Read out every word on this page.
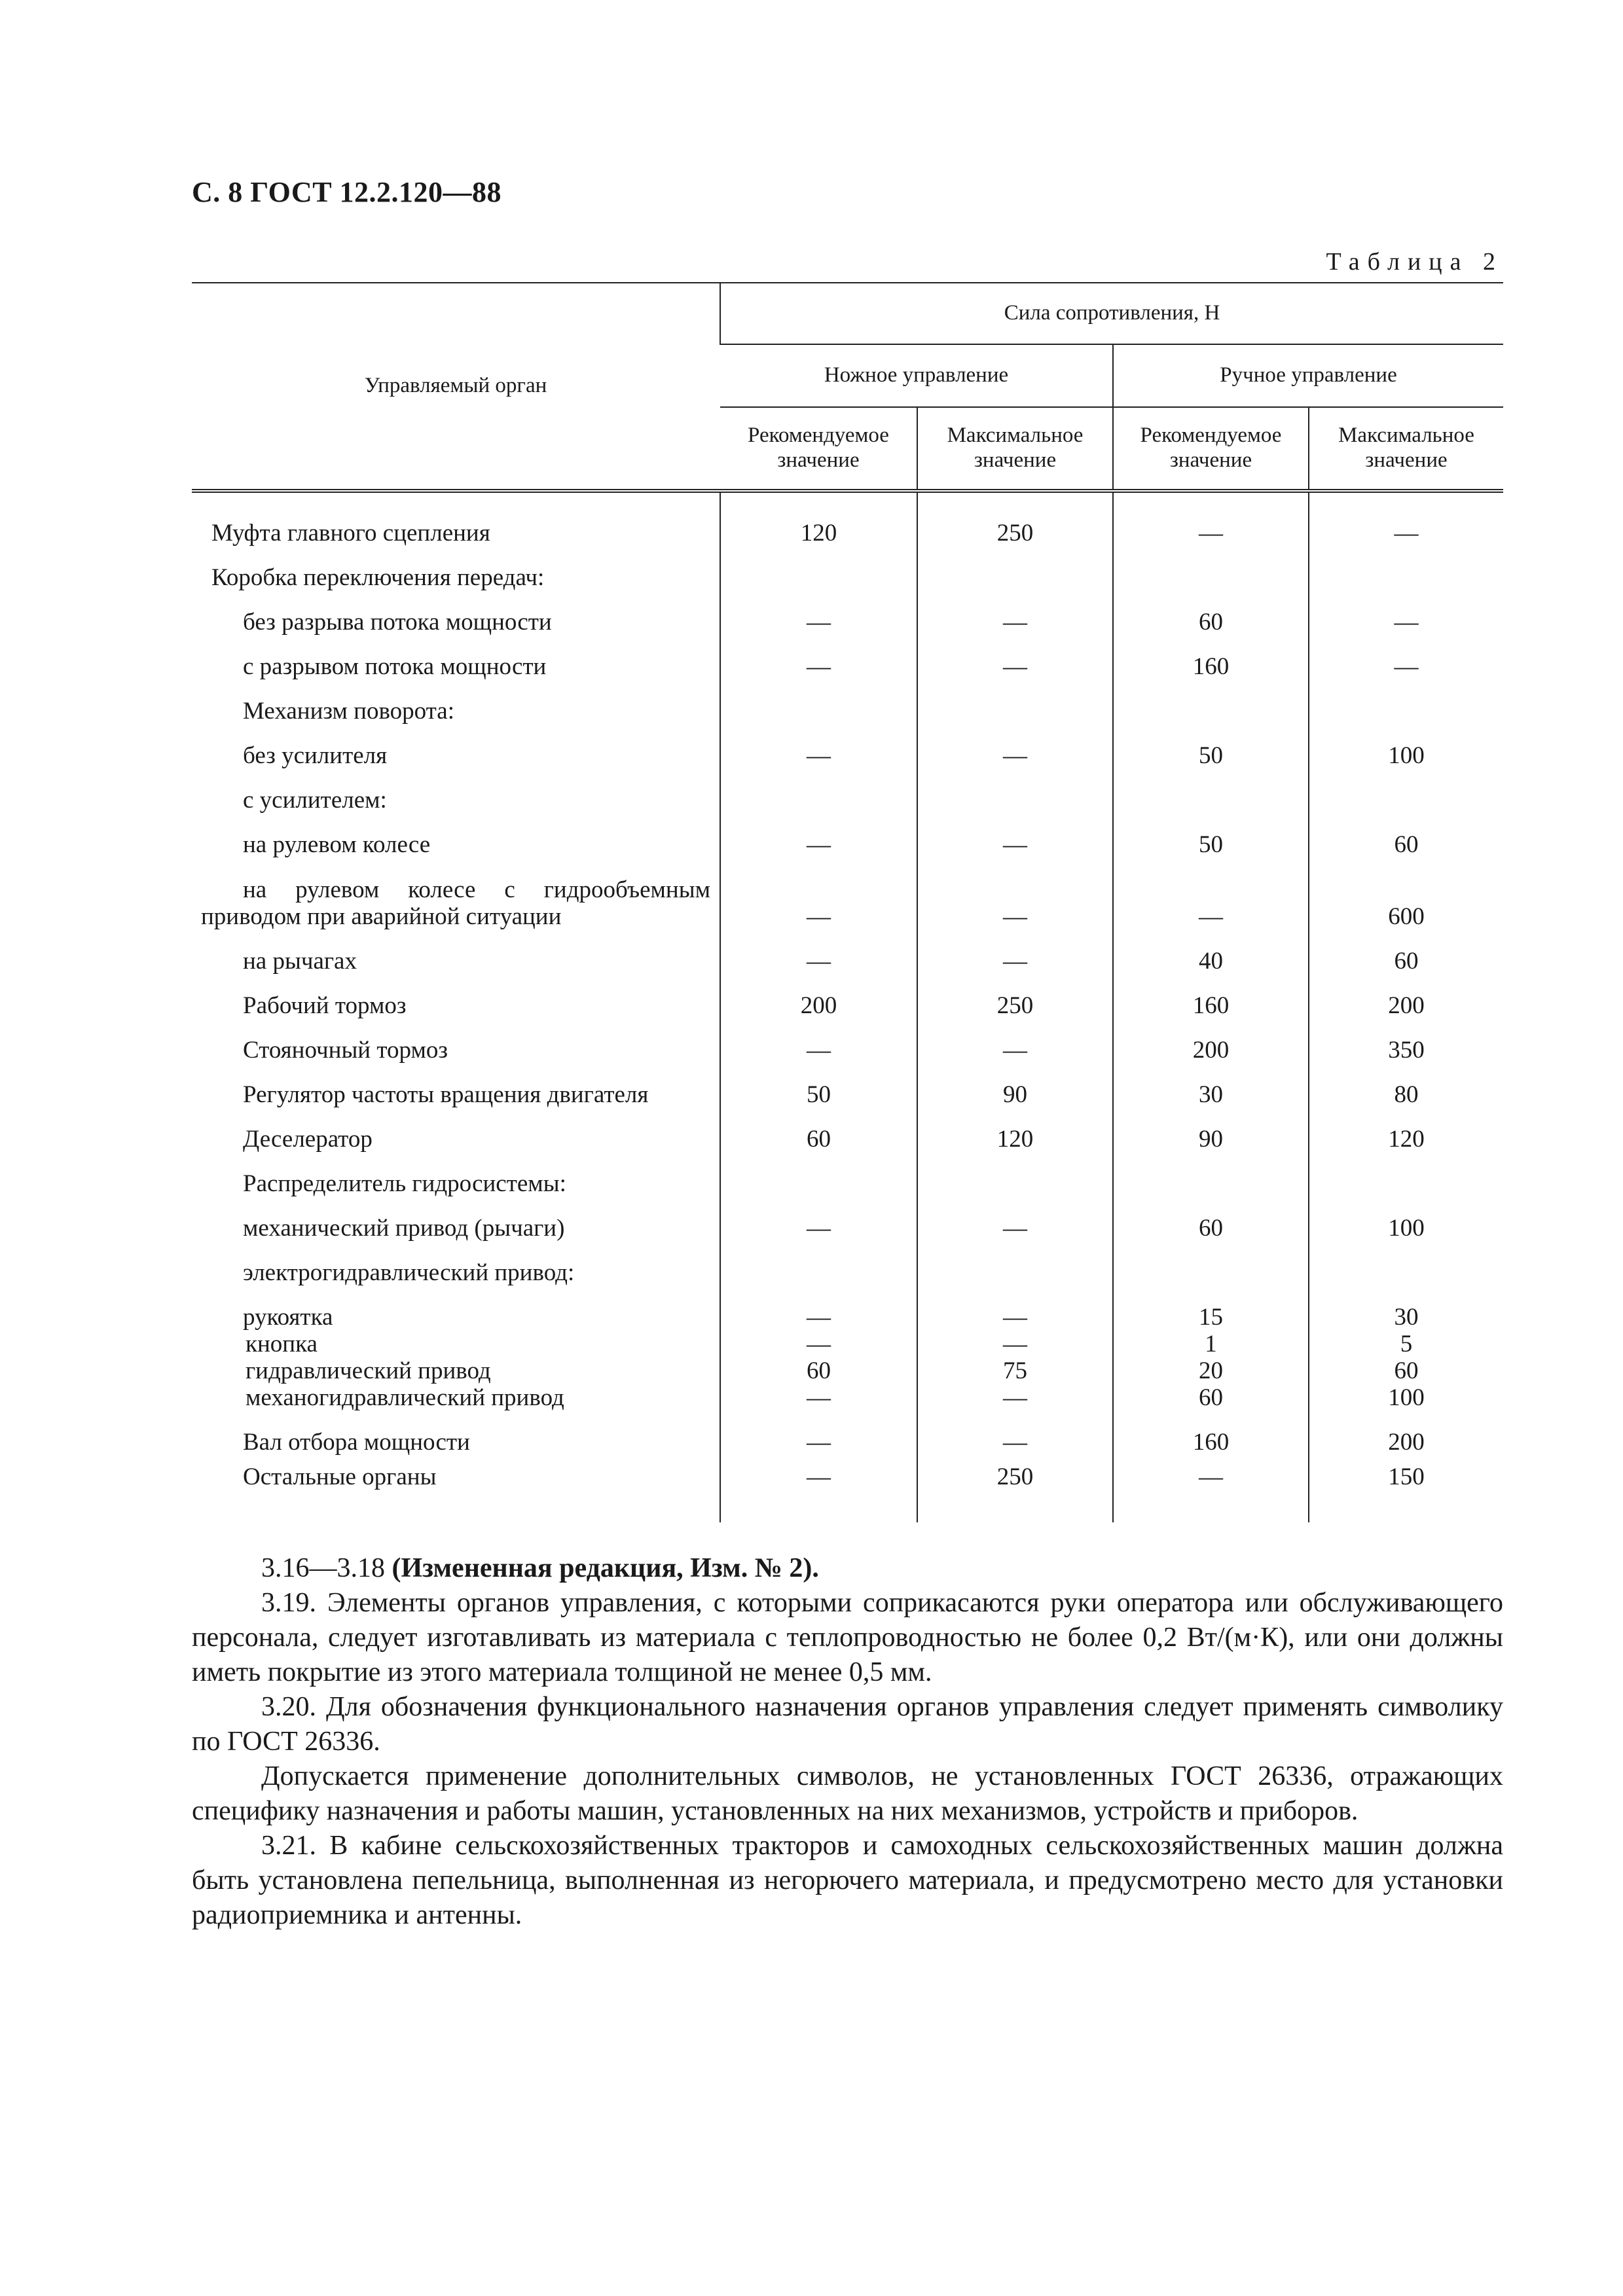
С. 8 ГОСТ 12.2.120—88
Таблица 2
Управляемый орган	Сила сопротивления, Н			
	Ножное управление		Ручное управление	
	Рекомендуемое значение	Максимальное значение	Рекомендуемое значение	Максимальное значение
Муфта главного сцепления	120	250	—	—
Коробка переключения передач:				
без разрыва потока мощности	—	—	60	—
с разрывом потока мощности	—	—	160	—
Механизм поворота:				
без усилителя	—	—	50	100
с усилителем:				
на рулевом колесе	—	—	50	60
на рулевом колесе с гидрообъемным приводом при аварийной ситуации	—	—	—	600
на рычагах	—	—	40	60
Рабочий тормоз	200	250	160	200
Стояночный тормоз	—	—	200	350
Регулятор частоты вращения двигателя	50	90	30	80
Деселератор	60	120	90	120
Распределитель гидросистемы:				
механический привод (рычаги)	—	—	60	100
электрогидравлический привод:				
рукоятка	—	—	15	30
кнопка	—	—	1	5
гидравлический привод	60	75	20	60
механогидравлический привод	—	—	60	100
Вал отбора мощности	—	—	160	200
Остальные органы	—	250	—	150

3.16—3.18 (Измененная редакция, Изм. № 2).

3.19. Элементы органов управления, с которыми соприкасаются руки оператора или обслуживающего персонала, следует изготавливать из материала с теплопроводностью не более 0,2 Вт/(м·К), или они должны иметь покрытие из этого материала толщиной не менее 0,5 мм.

3.20. Для обозначения функционального назначения органов управления следует применять символику по ГОСТ 26336.

Допускается применение дополнительных символов, не установленных ГОСТ 26336, отражающих специфику назначения и работы машин, установленных на них механизмов, устройств и приборов.

3.21. В кабине сельскохозяйственных тракторов и самоходных сельскохозяйственных машин должна быть установлена пепельница, выполненная из негорючего материала, и предусмотрено место для установки радиоприемника и антенны.
